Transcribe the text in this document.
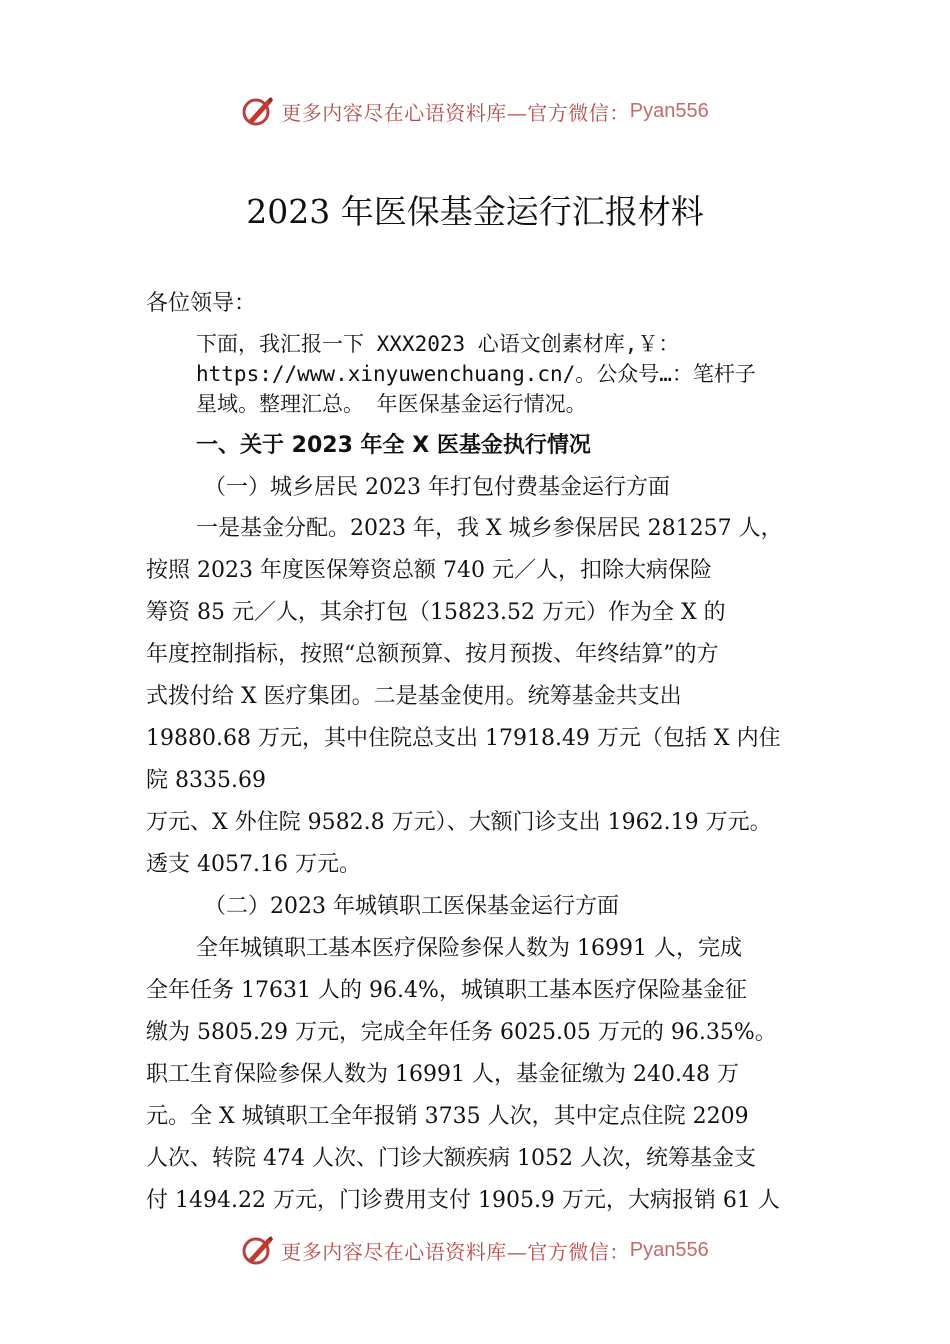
更多内容尽在心语资料库—官方微信： Pyan556
2023 年医保基金运行汇报材料
各位领导：
下面，我汇报一下 XXX2023 心语文创素材库,￥：
https://www.xinyuwenchuang.cn/。公众号…：笔杆子
星域。整理汇总。 年医保基金运行情况。
一、关于 2023 年全 X 医基金执行情况
（一）城乡居民 2023 年打包付费基金运行方面
一是基金分配。2023 年，我 X 城乡参保居民 281257 人，
按照 2023 年度医保筹资总额 740 元／人，扣除大病保险
筹资 85 元／人，其余打包（15823.52 万元）作为全 X 的
年度控制指标，按照“总额预算、按月预拨、年终结算”的方
式拨付给 X 医疗集团。二是基金使用。统筹基金共支出
19880.68 万元，其中住院总支出 17918.49 万元（包括 X 内住
院 8335.69
万元、X 外住院 9582.8 万元）、大额门诊支出 1962.19 万元。
透支 4057.16 万元。
（二）2023 年城镇职工医保基金运行方面
全年城镇职工基本医疗保险参保人数为 16991 人，完成
全年任务 17631 人的 96.4%，城镇职工基本医疗保险基金征
缴为 5805.29 万元，完成全年任务 6025.05 万元的 96.35%。
职工生育保险参保人数为 16991 人，基金征缴为 240.48 万
元。全 X 城镇职工全年报销 3735 人次，其中定点住院 2209
人次、转院 474 人次、门诊大额疾病 1052 人次，统筹基金支
付 1494.22 万元，门诊费用支付 1905.9 万元，大病报销 61 人
更多内容尽在心语资料库—官方微信： Pyan556
